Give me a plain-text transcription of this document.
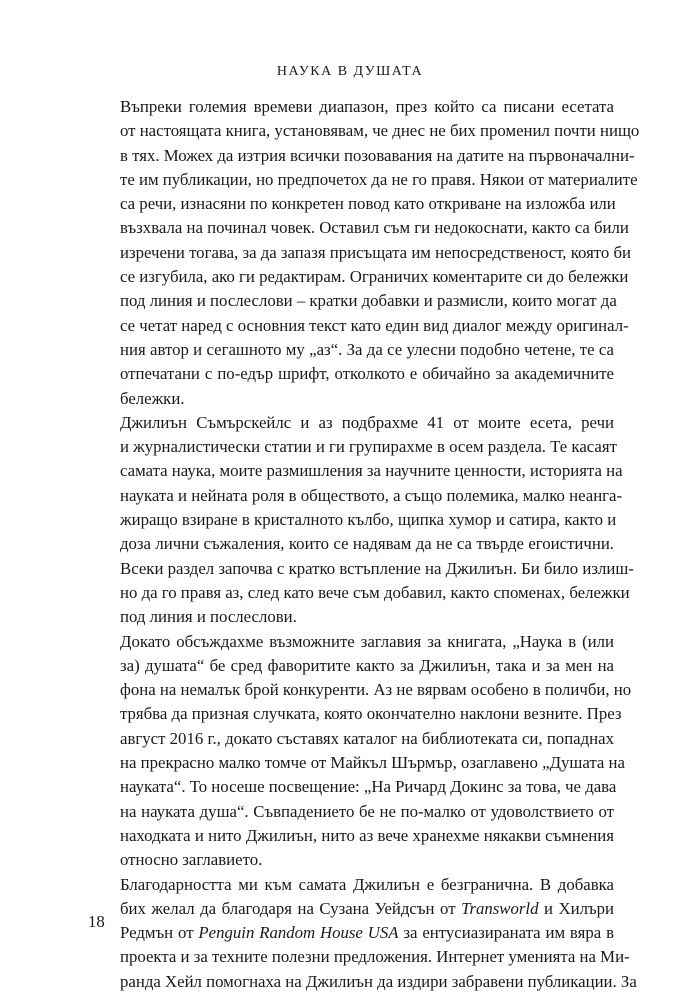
НАУКА В ДУШАТА

Въпреки големия времеви диапазон, през който са писани есетата
от настоящата книга, установявам, че днес не бих променил почти нищо
в тях. Можех да изтрия всички позовавания на датите на първоначални-
те им публикации, но предпочетох да не го правя. Някои от материалите
са речи, изнасяни по конкретен повод като откриване на изложба или
възхвала на починал човек. Оставил съм ги недокоснати, както са били
изречени тогава, за да запазя присъщата им непосредственост, която би
се изгубила, ако ги редактирам. Ограничих коментарите си до бележки
под линия и послеслови – кратки добавки и размисли, които могат да
се четат наред с основния текст като един вид диалог между оригинал-
ния автор и сегашното му „аз“. За да се улесни подобно четене, те са
отпечатани с по-едър шрифт, отколкото е обичайно за академичните
бележки.

Джилиън Съмърскейлс и аз подбрахме 41 от моите есета, речи
и журналистически статии и ги групирахме в осем раздела. Те касаят
самата наука, моите размишления за научните ценности, историята на
науката и нейната роля в обществото, а също полемика, малко неанга-
жиращо взиране в кристалното кълбо, щипка хумор и сатира, както и
доза лични съжаления, които се надявам да не са твърде егоистични.
Всеки раздел започва с кратко встъпление на Джилиън. Би било излиш-
но да го правя аз, след като вече съм добавил, както споменах, бележки
под линия и послеслови.

Докато обсъждахме възможните заглавия за книгата, „Наука в (или
за) душата“ бе сред фаворитите както за Джилиън, така и за мен на
фона на немалък брой конкуренти. Аз не вярвам особено в поличби, но
трябва да призная случката, която окончателно наклони везните. През
август 2016 г., докато съставях каталог на библиотеката си, попаднах
на прекрасно малко томче от Майкъл Шърмър, озаглавено „Душата на
науката“. То носеше посвещение: „На Ричард Докинс за това, че дава
на науката душа“. Съвпадението бе не по-малко от удоволствието от
находката и нито Джилиън, нито аз вече хранехме някакви съмнения
относно заглавието.

Благодарността ми към самата Джилиън е безгранична. В добавка
бих желал да благодаря на Сузана Уейдсън от Transworld и Хилъри
Редмън от Penguin Random House USA за ентусиазираната им вяра в
проекта и за техните полезни предложения. Интернет уменията на Ми-
ранда Хейл помогнаха на Джилиън да издири забравени публикации. За

18
